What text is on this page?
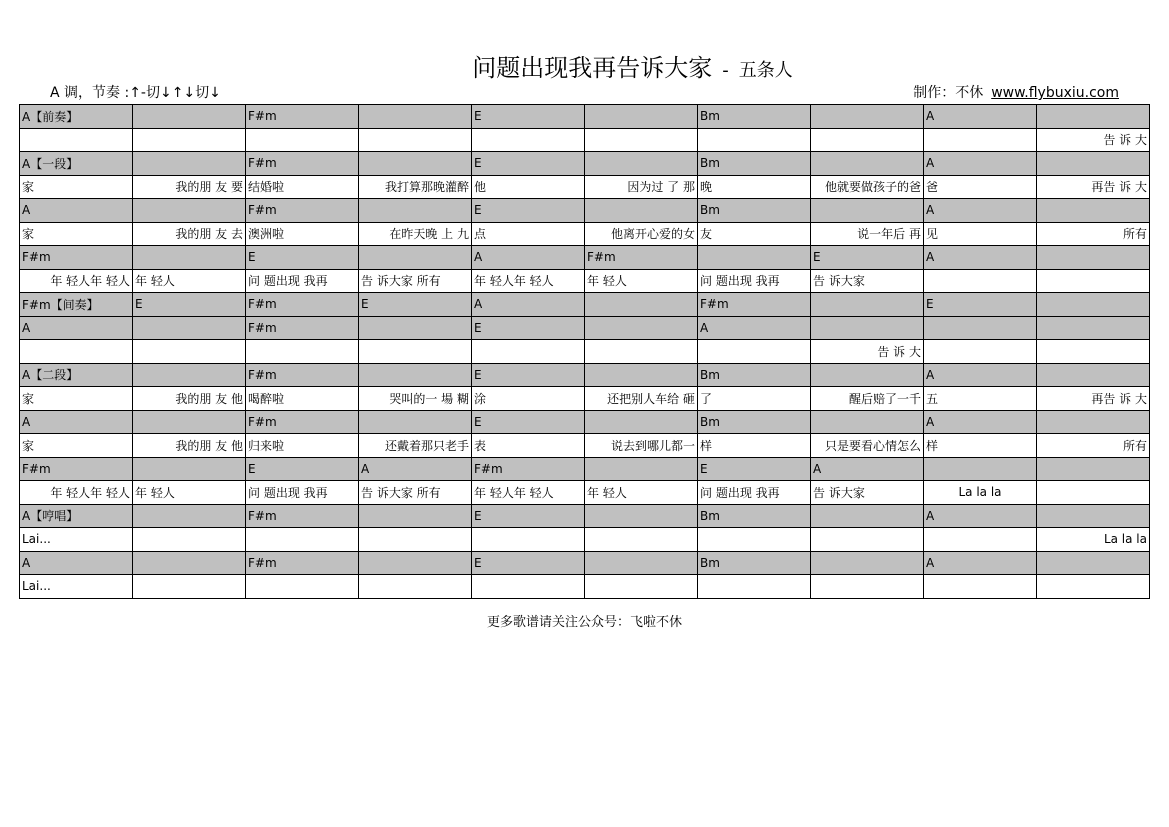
问题出现我再告诉大家 - 五条人
A 调，节奏 :↑-切↓↑↓切↓	制作：不休 www.flybuxiu.com
A【前奏】		F#m		E		Bm		A	
									告 诉 大
A【一段】		F#m		E		Bm		A	
家	我的朋 友 要	结婚啦	我打算那晚灌醉	他	因为过 了 那	晚	他就要做孩子的爸	爸	再告 诉 大
A		F#m		E		Bm		A	
家	我的朋 友 去	澳洲啦	在昨天晚 上 九	点	他离开心爱的女	友	说一年后 再	见	所有
F#m		E		A	F#m		E	A	
年 轻人年 轻人	年 轻人	问 题出现 我再	告 诉大家 所有	年 轻人年 轻人	年 轻人	问 题出现 我再	告 诉大家		
F#m【间奏】	E	F#m	E	A		F#m		E	
A		F#m		E		A			
							告 诉 大		
A【二段】		F#m		E		Bm		A	
家	我的朋 友 他	喝醉啦	哭叫的一 場 糊	涂	还把别人车给 砸	了	醒后赔了一千	五	再告 诉 大
A		F#m		E		Bm		A	
家	我的朋 友 他	归来啦	还戴着那只老手	表	说去到哪儿都一	样	只是要看心情怎么	样	所有
F#m		E	A	F#m		E	A		
年 轻人年 轻人	年 轻人	问 题出现 我再	告 诉大家 所有	年 轻人年 轻人	年 轻人	问 题出现 我再	告 诉大家	La la la	
A【哼唱】		F#m		E		Bm		A	
Lai...									La la la
A		F#m		E		Bm		A	
Lai...									
更多歌谱请关注公众号：飞啦不休
